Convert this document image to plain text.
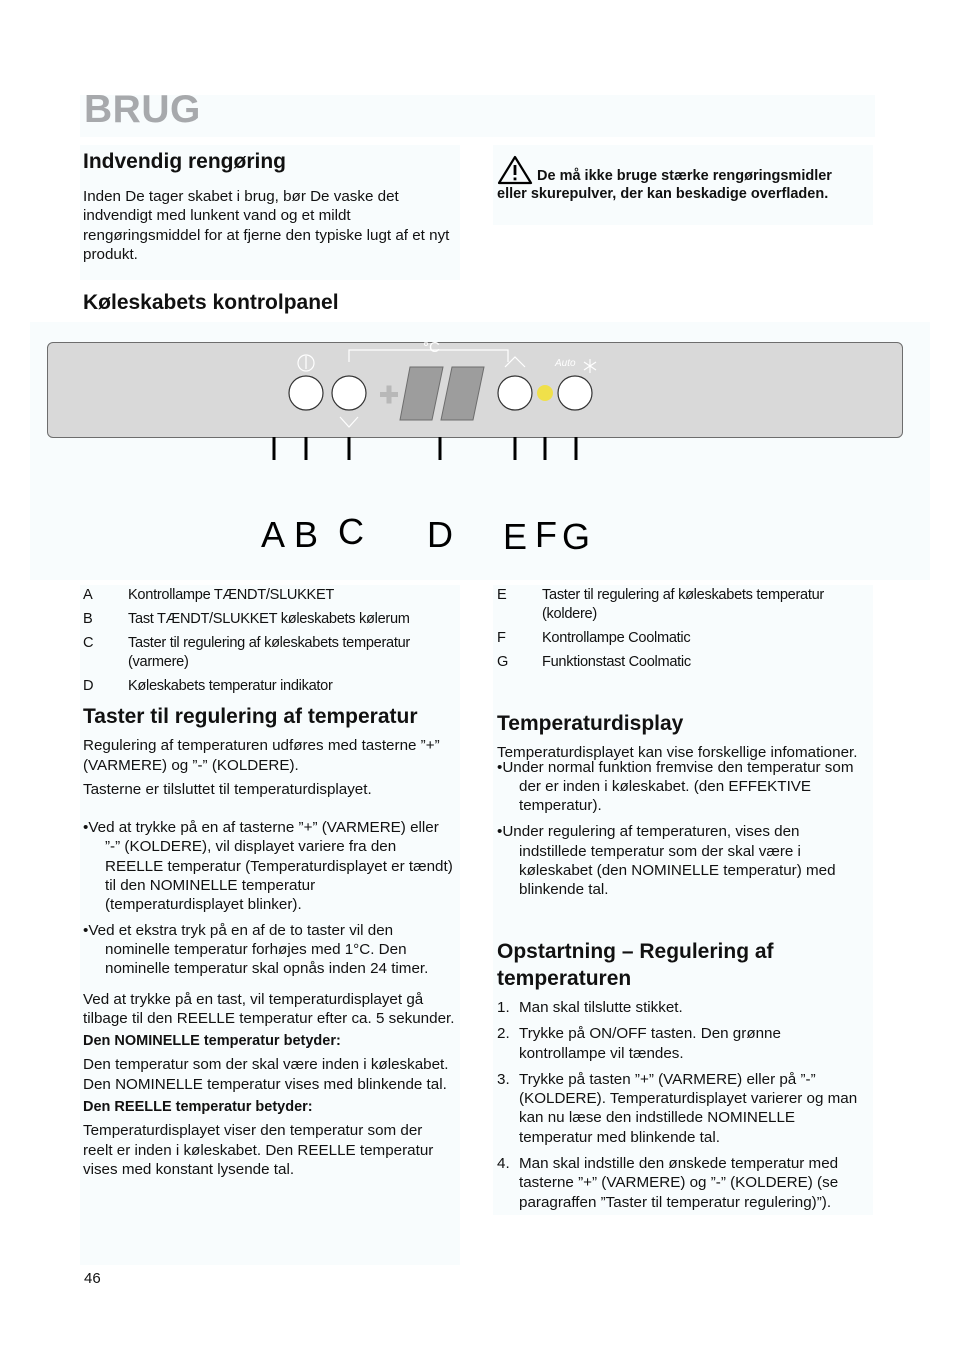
BRUG
Indvendig rengøring

Inden De tager skabet i brug, bør De vaske det indvendigt med lunkent vand og et mildt rengøringsmiddel for at fjerne den typiske lugt af et nyt produkt.

De må ikke bruge stærke rengøringsmidler
eller skurepulver, der kan beskadige overfladen.
Køleskabets kontrolpanel
°C
Auto
A B C D E F G
A	Kontrollampe TÆNDT/SLUKKET
B	Tast TÆNDT/SLUKKET køleskabets kølerum
C	Taster til regulering af køleskabets temperatur (varmere)
D	Køleskabets temperatur indikator
E	Taster til regulering af køleskabets temperatur (koldere)
F	Kontrollampe Coolmatic
G	Funktionstast Coolmatic
Taster til regulering af temperatur

Regulering af temperaturen udføres med tasterne ”+” (VARMERE) og ”-” (KOLDERE).

Tasterne er tilsluttet til temperaturdisplayet.

•Ved at trykke på en af tasterne ”+” (VARMERE) eller ”-” (KOLDERE), vil displayet variere fra den REELLE temperatur (Temperaturdisplayet er tændt) til den NOMINELLE temperatur (temperaturdisplayet blinker).
•Ved et ekstra tryk på en af de to taster vil den nominelle temperatur forhøjes med 1°C. Den nominelle temperatur skal opnås inden 24 timer.

Ved at trykke på en tast, vil temperaturdisplayet gå tilbage til den REELLE temperatur efter ca. 5 sekunder.

Den NOMINELLE temperatur betyder:

Den temperatur som der skal være inden i køleskabet. Den NOMINELLE temperatur vises med blinkende tal.

Den REELLE temperatur betyder:

Temperaturdisplayet viser den temperatur som der reelt er inden i køleskabet. Den REELLE temperatur vises med konstant lysende tal.

Temperaturdisplay

Temperaturdisplayet kan vise forskellige infomationer.

•Under normal funktion fremvise den temperatur som der er inden i køleskabet. (den EFFEKTIVE temperatur).
•Under regulering af temperaturen, vises den indstillede temperatur som der skal være i køleskabet (den NOMINELLE temperatur) med blinkende tal.
Opstartning – Regulering af
temperaturen
1. Man skal tilslutte stikket.
2. Trykke på ON/OFF tasten. Den grønne kontrollampe vil tændes.
3. Trykke på tasten ”+” (VARMERE) eller på ”-” (KOLDERE). Temperaturdisplayet varierer og man kan nu læse den indstillede NOMINELLE temperatur med blinkende tal.
4. Man skal indstille den ønskede temperatur med tasterne ”+” (VARMERE) og ”-” (KOLDERE) (se paragraffen ”Taster til temperatur regulering)”).
46
